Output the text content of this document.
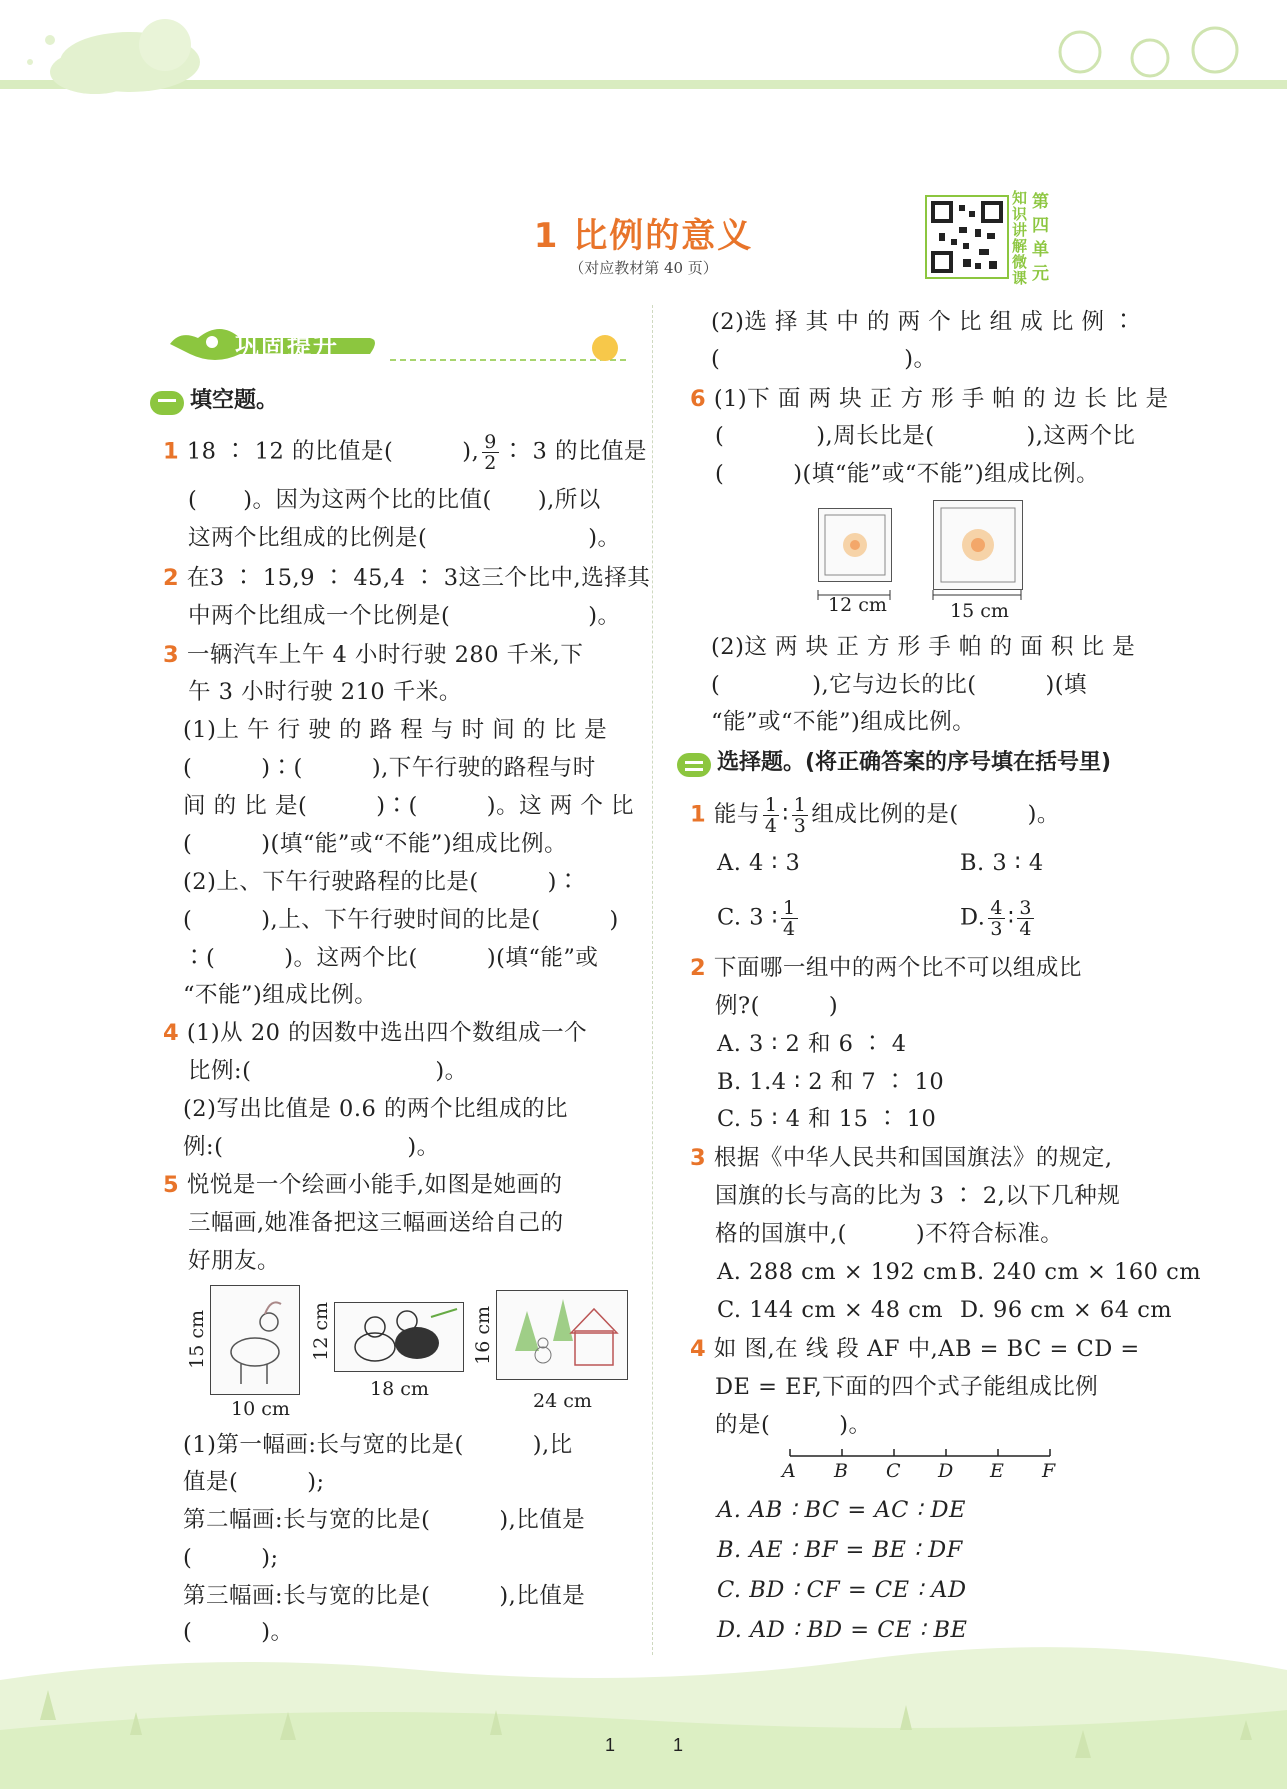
1 比例的意义
（对应教材第 40 页）
知
识
讲
解
微
课
第
四
单
元
巩固提升
填空题。
1 18 ∶ 12 的比值是(　　　), $\frac{9}{2}$ ∶ 3 的比值是
(　　)。因为这两个比的比值(　　),所以
这两个比组成的比例是(　　　　　　　)。
2 在3 ∶ 15,9 ∶ 45,4 ∶ 3这三个比中,选择其
中两个比组成一个比例是(　　　　　　)。
3 一辆汽车上午 4 小时行驶 280 千米,下
午 3 小时行驶 210 千米。
(1)上 午 行 驶 的 路 程 与 时 间 的 比 是
(　　　)∶(　　　),下午行驶的路程与时
间 的 比 是(　　　)∶(　　　)。这 两 个 比
(　　　)(填“能”或“不能”)组成比例。
(2)上、下午行驶路程的比是(　　　)∶
(　　　),上、下午行驶时间的比是(　　　)
∶(　　　)。这两个比(　　　)(填“能”或
“不能”)组成比例。
4 (1)从 20 的因数中选出四个数组成一个
比例:(　　　　　　　　)。
(2)写出比值是 0.6 的两个比组成的比
例:(　　　　　　　　)。
5 悦悦是一个绘画小能手,如图是她画的
三幅画,她准备把这三幅画送给自己的
好朋友。
15 cm
10 cm
12 cm
18 cm
16 cm
24 cm
(1)第一幅画:长与宽的比是(　　　),比
值是(　　　);
第二幅画:长与宽的比是(　　　),比值是
(　　　);
第三幅画:长与宽的比是(　　　),比值是
(　　　)。
(2)选 择 其 中 的 两 个 比 组 成 比 例 ∶
(　　　　　　　　)。
6 (1)下 面 两 块 正 方 形 手 帕 的 边 长 比 是
(　　　　),周长比是(　　　　),这两个比
(　　　)(填“能”或“不能”)组成比例。
12 cm	15 cm
(2)这 两 块 正 方 形 手 帕 的 面 积 比 是
(　　　　),它与边长的比(　　　)(填
“能”或“不能”)组成比例。
选择题。(将正确答案的序号填在括号里)
1 能与 $\frac{1}{4}$ ∶ $\frac{1}{3}$ 组成比例的是(　　　)。
A. 4 ∶ 3	B. 3 ∶ 4
C. 3 ∶ $\frac{1}{4}$	D. $\frac{4}{3}$ ∶ $\frac{3}{4}$
2 下面哪一组中的两个比不可以组成比
例?(　　　)
A. 3 ∶ 2 和 6 ∶ 4
B. 1.4 ∶ 2 和 7 ∶ 10
C. 5 ∶ 4 和 15 ∶ 10
3 根据《中华人民共和国国旗法》的规定,
国旗的长与高的比为 3 ∶ 2,以下几种规
格的国旗中,(　　　)不符合标准。
A. 288 cm × 192 cm B. 240 cm × 160 cm
C. 144 cm × 48 cm D. 96 cm × 64 cm
4 如 图,在 线 段 AF 中,AB = BC = CD =
DE = EF,下面的四个式子能组成比例
的是(　　　)。
A B C D E F
A. AB ∶ BC = AC ∶ DE
B. AE ∶ BF = BE ∶ DF
C. BD ∶ CF = CE ∶ AD
D. AD ∶ BD = CE ∶ BE
1	1
